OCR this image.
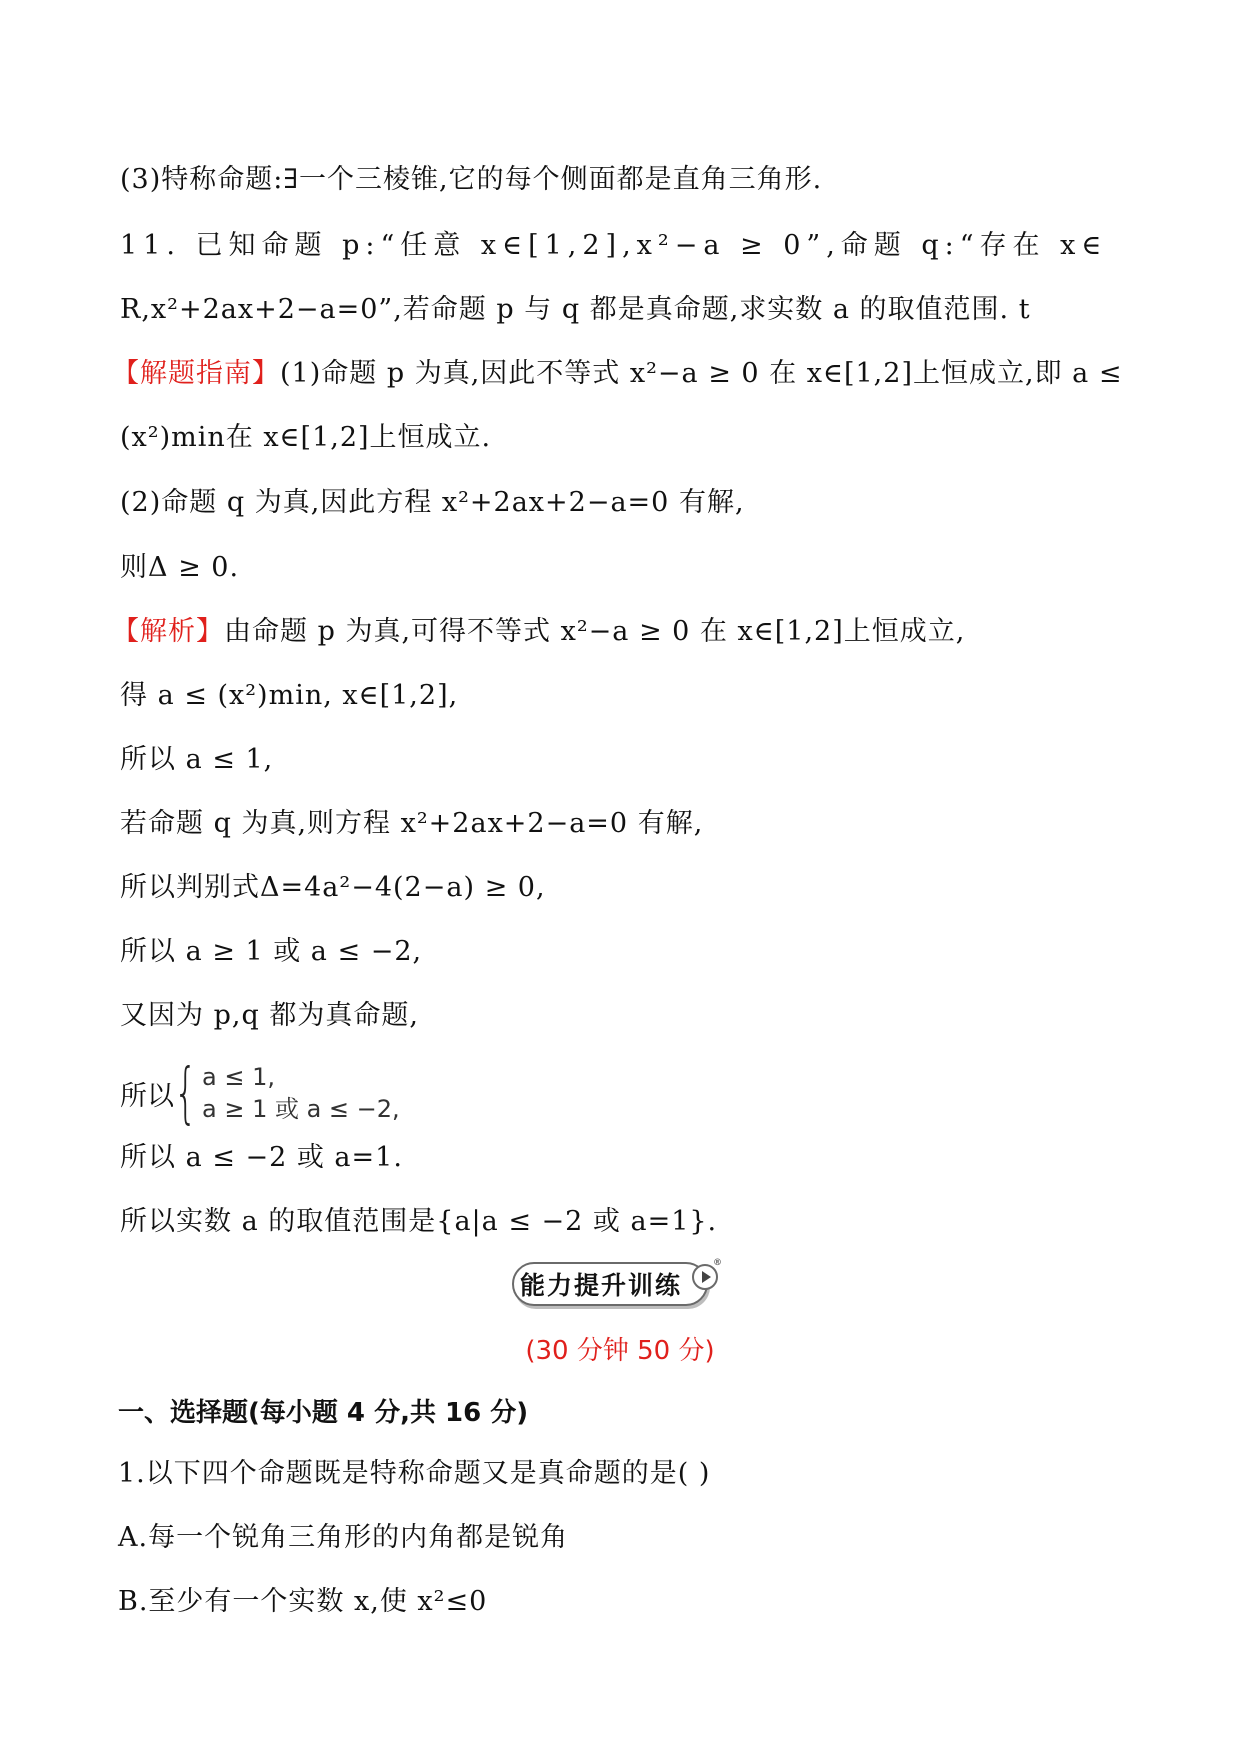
(3)特称命题:∃一个三棱锥,它的每个侧面都是直角三角形.
11. 已知命题 p:“任意 x∈[1,2],x²−a ≥ 0”,命题 q:“存在 x∈
R,x²+2ax+2−a=0”,若命题 p 与 q 都是真命题,求实数 a 的取值范围. t
【解题指南】(1)命题 p 为真,因此不等式 x²−a ≥ 0 在 x∈[1,2]上恒成立,即 a ≤
(x²)min在 x∈[1,2]上恒成立.
(2)命题 q 为真,因此方程 x²+2ax+2−a=0 有解,
则Δ ≥ 0.
【解析】由命题 p 为真,可得不等式 x²−a ≥ 0 在 x∈[1,2]上恒成立,
得 a ≤ (x²)min, x∈[1,2],
所以 a ≤ 1,
若命题 q 为真,则方程 x²+2ax+2−a=0 有解,
所以判别式Δ=4a²−4(2−a) ≥ 0,
所以 a ≥ 1 或 a ≤ −2,
又因为 p,q 都为真命题,
所以 { a ≤ 1,
a ≥ 1 或 a ≤ −2,
所以 a ≤ −2 或 a=1.
所以实数 a 的取值范围是{a|a ≤ −2 或 a=1}.
能力提升训练
®
(30 分钟 50 分)
一、选择题(每小题 4 分,共 16 分)
1.以下四个命题既是特称命题又是真命题的是( )
A.每一个锐角三角形的内角都是锐角
B.至少有一个实数 x,使 x²≤0
